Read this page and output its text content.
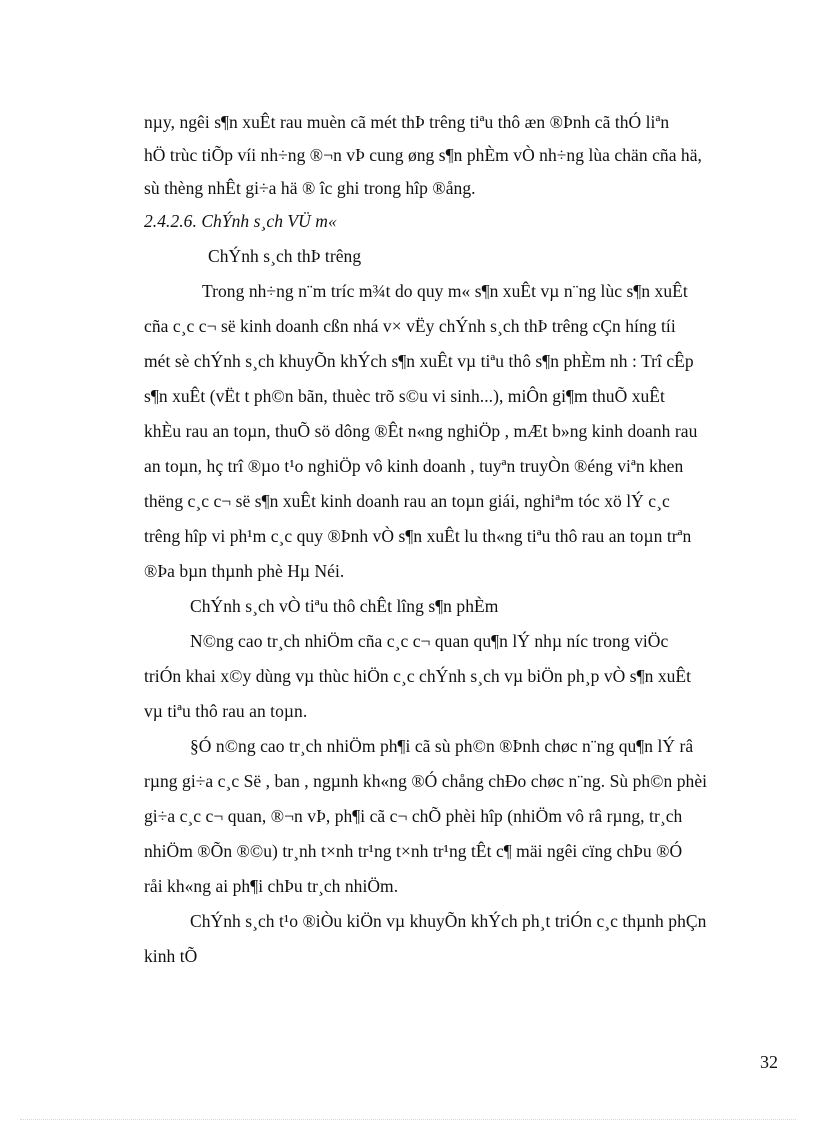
nµy, ngêi s¶n xuÊt rau muèn cã mét thÞ trêng tiªu thô æn ®Þnh cã thÓ liªn
hÖ trùc tiÕp víi nh÷ng ®¬n vÞ cung øng s¶n phÈm vÒ nh÷ng lùa chän cña hä,
sù thèng nhÊt gi÷a hä ® îc ghi trong hîp ®ång.
2.4.2.6. ChÝnh s¸ch VÜ m«
ChÝnh s¸ch thÞ trêng
Trong nh÷ng n¨m tríc m¾t do quy m« s¶n xuÊt vµ n¨ng lùc s¶n xuÊt
cña c¸c c¬ së kinh doanh cßn nhá v× vËy chÝnh s¸ch thÞ trêng cÇn híng tíi
mét sè chÝnh s¸ch khuyÕn khÝch s¶n xuÊt vµ tiªu thô s¶n phÈm nh : Trî cÊp
s¶n xuÊt (vËt t ph©n bãn, thuèc trõ s©u vi sinh...), miÔn gi¶m thuÕ xuÊt
khÈu rau an toµn, thuÕ sö dông ®Êt n«ng nghiÖp , mÆt b»ng kinh doanh rau
an toµn, hç trî ®µo t¹o nghiÖp vô kinh doanh , tuyªn truyÒn ®éng viªn khen
thëng c¸c c¬ së s¶n xuÊt kinh doanh rau an toµn giái, nghiªm tóc xö lÝ c¸c
trêng hîp vi ph¹m c¸c quy ®Þnh vÒ s¶n xuÊt lu th«ng tiªu thô rau an toµn trªn
®Þa bµn thµnh phè Hµ Néi.
ChÝnh s¸ch vÒ tiªu thô chÊt lîng s¶n phÈm
N©ng cao tr¸ch nhiÖm cña c¸c c¬ quan qu¶n lÝ nhµ níc trong viÖc
triÓn khai x©y dùng vµ thùc hiÖn c¸c chÝnh s¸ch vµ biÖn ph¸p vÒ s¶n xuÊt
vµ tiªu thô rau an toµn.
§Ó n©ng cao tr¸ch nhiÖm ph¶i cã sù ph©n ®Þnh chøc n¨ng qu¶n lÝ râ
rµng gi÷a c¸c Së , ban , ngµnh kh«ng ®Ó chång chÐo chøc n¨ng. Sù ph©n phèi
gi÷a c¸c c¬ quan, ®¬n vÞ, ph¶i cã c¬ chÕ phèi hîp (nhiÖm vô râ rµng, tr¸ch
nhiÖm ®Õn ®©u) tr¸nh t×nh tr¹ng t×nh tr¹ng tÊt c¶ mäi ngêi cïng chÞu ®Ó
råi kh«ng ai ph¶i chÞu tr¸ch nhiÖm.
ChÝnh s¸ch t¹o ®iÒu kiÖn vµ khuyÕn khÝch ph¸t triÓn c¸c thµnh phÇn
kinh tÕ
32
